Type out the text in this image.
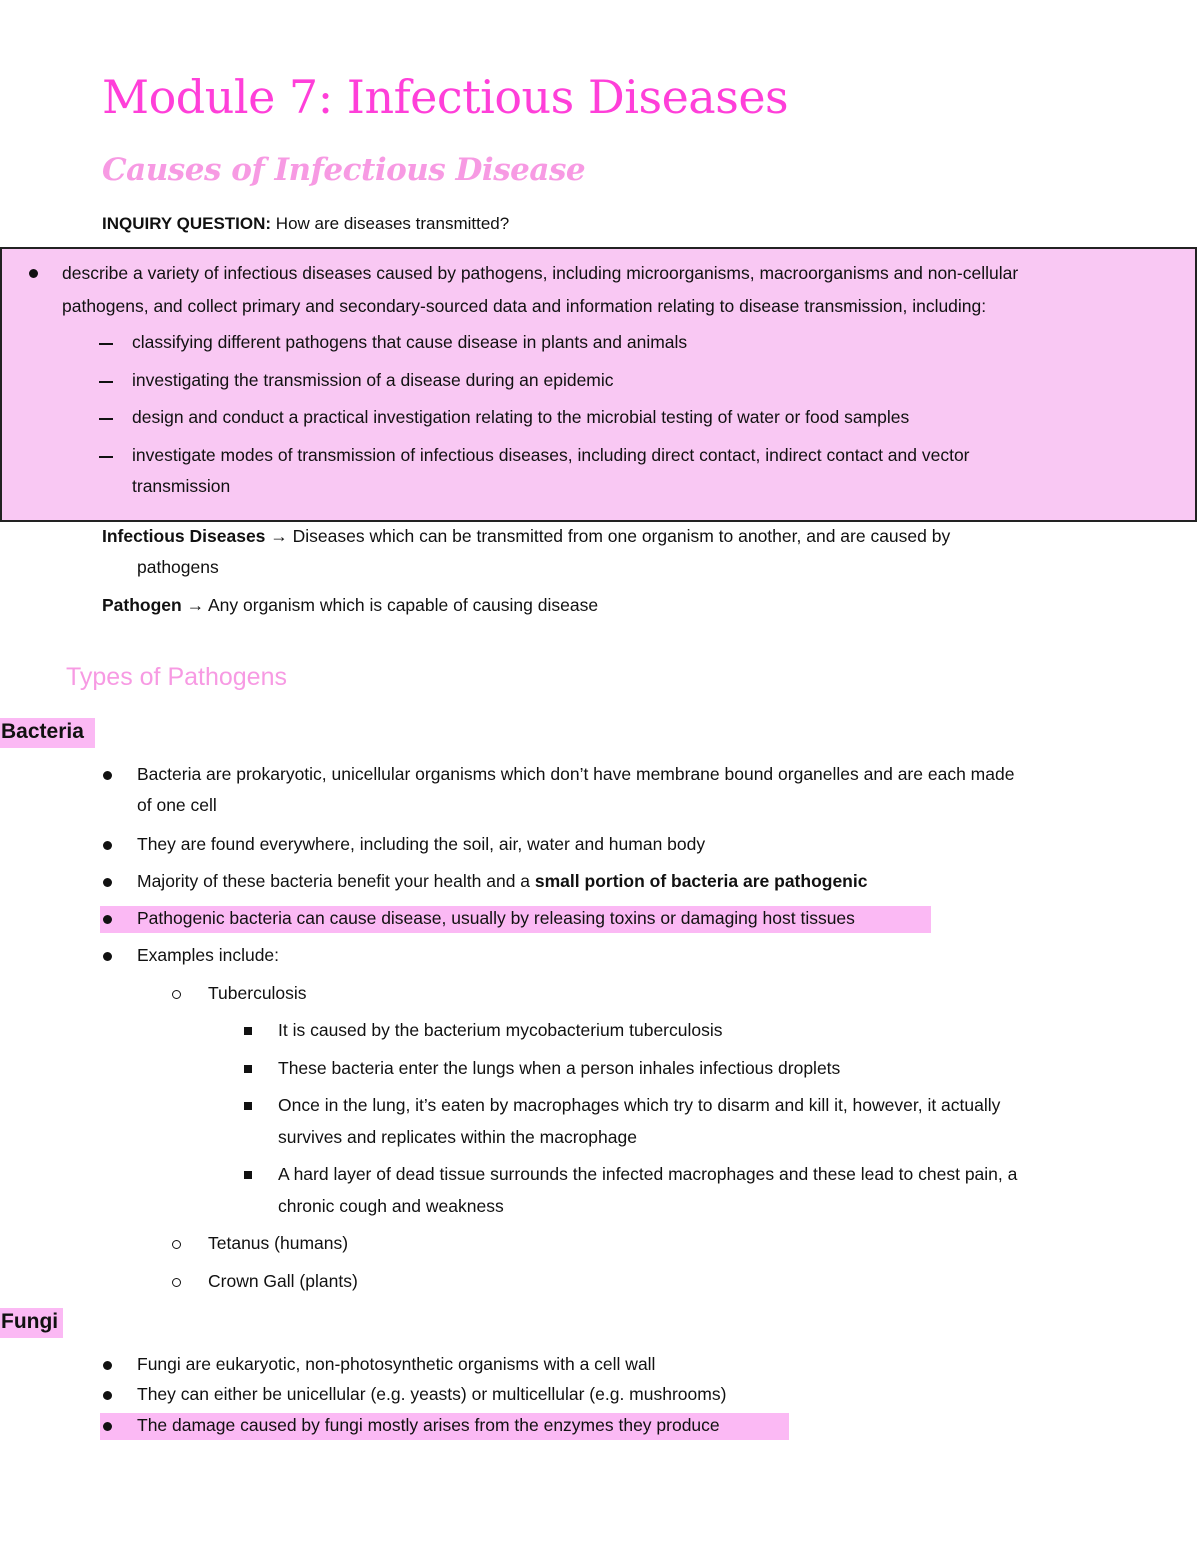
Module 7: Infectious Diseases
Causes of Infectious Disease
INQUIRY QUESTION: How are diseases transmitted?
describe a variety of infectious diseases caused by pathogens, including microorganisms, macroorganisms and non-cellular
pathogens, and collect primary and secondary-sourced data and information relating to disease transmission, including:
classifying different pathogens that cause disease in plants and animals
investigating the transmission of a disease during an epidemic
design and conduct a practical investigation relating to the microbial testing of water or food samples
investigate modes of transmission of infectious diseases, including direct contact, indirect contact and vector
transmission
Infectious Diseases → Diseases which can be transmitted from one organism to another, and are caused by
pathogens
Pathogen → Any organism which is capable of causing disease
Types of Pathogens
Bacteria
Bacteria are prokaryotic, unicellular organisms which don’t have membrane bound organelles and are each made
of one cell
They are found everywhere, including the soil, air, water and human body
Majority of these bacteria benefit your health and a small portion of bacteria are pathogenic
Pathogenic bacteria can cause disease, usually by releasing toxins or damaging host tissues
Examples include:
Tuberculosis
It is caused by the bacterium mycobacterium tuberculosis
These bacteria enter the lungs when a person inhales infectious droplets
Once in the lung, it’s eaten by macrophages which try to disarm and kill it, however, it actually
survives and replicates within the macrophage
A hard layer of dead tissue surrounds the infected macrophages and these lead to chest pain, a
chronic cough and weakness
Tetanus (humans)
Crown Gall (plants)
Fungi
Fungi are eukaryotic, non-photosynthetic organisms with a cell wall
They can either be unicellular (e.g. yeasts) or multicellular (e.g. mushrooms)
The damage caused by fungi mostly arises from the enzymes they produce
